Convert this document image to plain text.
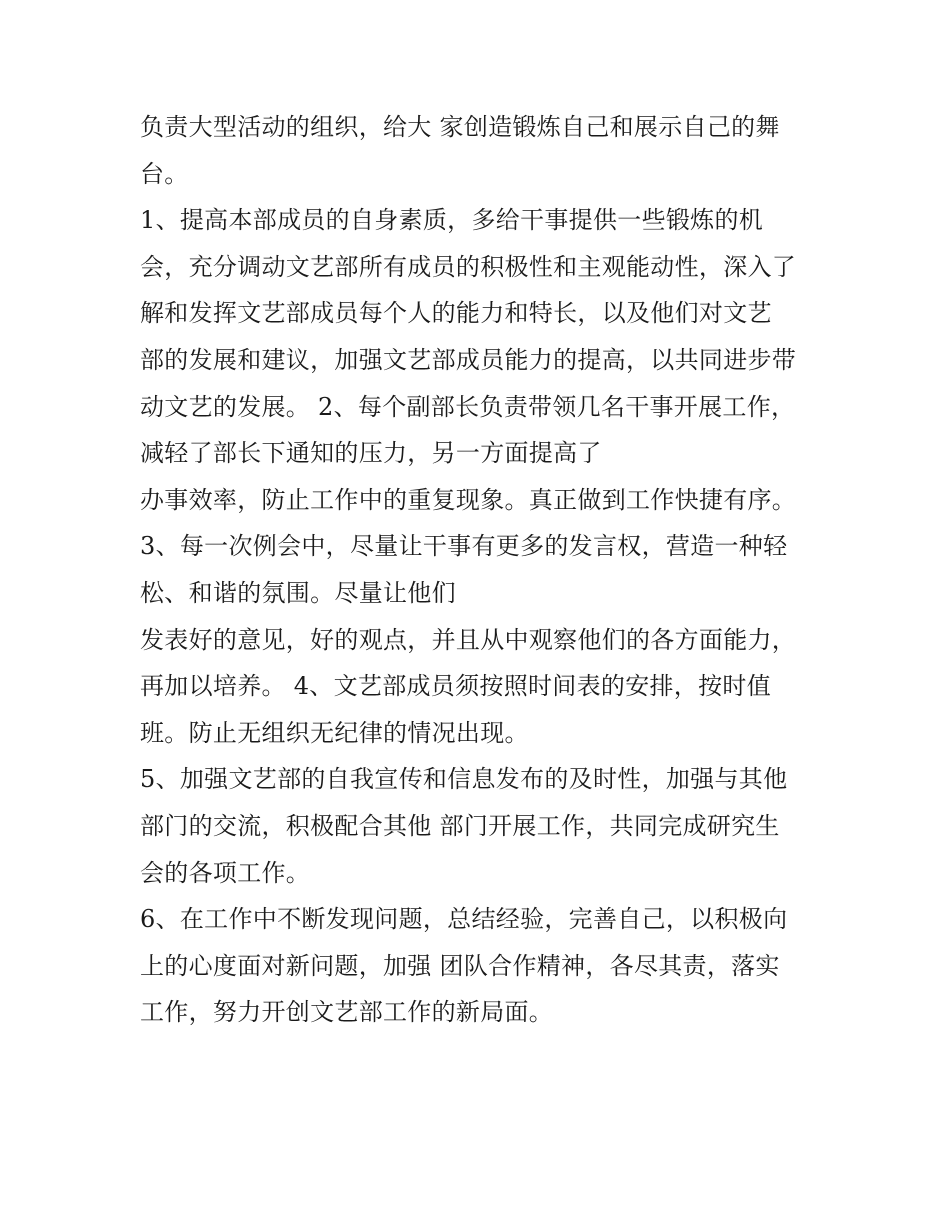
负责大型活动的组织，给大 家创造锻炼自己和展示自己的舞
台。
1、提高本部成员的自身素质，多给干事提供一些锻炼的机
会，充分调动文艺部所有成员的积极性和主观能动性，深入了
解和发挥文艺部成员每个人的能力和特长，以及他们对文艺
部的发展和建议，加强文艺部成员能力的提高，以共同进步带
动文艺的发展。 2、每个副部长负责带领几名干事开展工作，
减轻了部长下通知的压力，另一方面提高了
办事效率，防止工作中的重复现象。真正做到工作快捷有序。
3、每一次例会中，尽量让干事有更多的发言权，营造一种轻
松、和谐的氛围。尽量让他们
发表好的意见，好的观点，并且从中观察他们的各方面能力，
再加以培养。 4、文艺部成员须按照时间表的安排，按时值
班。防止无组织无纪律的情况出现。
5、加强文艺部的自我宣传和信息发布的及时性，加强与其他
部门的交流，积极配合其他 部门开展工作，共同完成研究生
会的各项工作。
6、在工作中不断发现问题，总结经验，完善自己，以积极向
上的心度面对新问题，加强 团队合作精神，各尽其责，落实
工作，努力开创文艺部工作的新局面。
